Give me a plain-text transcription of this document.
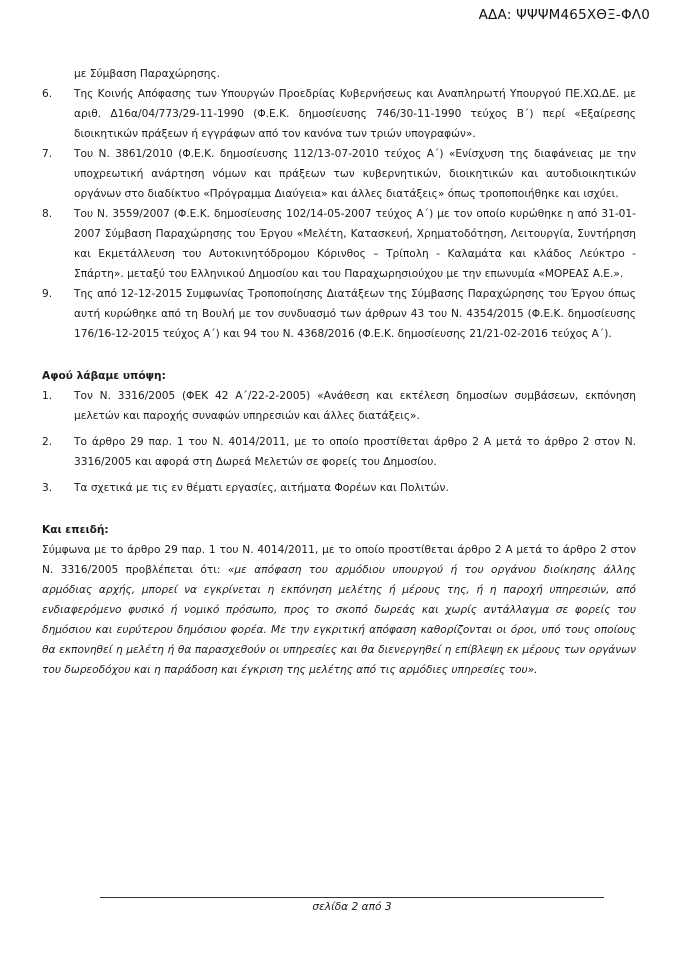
ΑΔΑ: ΨΨΨΜ465ΧΘΞ-ΦΛ0
με Σύμβαση Παραχώρησης.
6.	Της Κοινής Απόφασης των Υπουργών Προεδρίας Κυβερνήσεως και Αναπληρωτή Υπουργού ΠΕ.ΧΩ.ΔΕ. με αριθ. Δ16α/04/773/29-11-1990 (Φ.Ε.Κ. δημοσίευσης 746/30-11-1990 τεύχος Β΄) περί «Εξαίρεσης διοικητικών πράξεων ή εγγράφων από τον κανόνα των τριών υπογραφών».
7.	Του Ν. 3861/2010 (Φ.Ε.Κ. δημοσίευσης 112/13-07-2010 τεύχος Α΄) «Ενίσχυση της διαφάνειας με την υποχρεωτική ανάρτηση νόμων και πράξεων των κυβερνητικών, διοικητικών και αυτοδιοικητικών οργάνων στο διαδίκτυο «Πρόγραμμα Διαύγεια» και άλλες διατάξεις» όπως τροποποιήθηκε και ισχύει.
8.	Του Ν. 3559/2007 (Φ.Ε.Κ. δημοσίευσης 102/14-05-2007 τεύχος Α΄) με τον οποίο κυρώθηκε η από 31-01-2007 Σύμβαση Παραχώρησης του Έργου «Μελέτη, Κατασκευή, Χρηματοδότηση, Λειτουργία, Συντήρηση και Εκμετάλλευση του Αυτοκινητόδρομου Κόρινθος – Τρίπολη - Καλαμάτα και κλάδος Λεύκτρο - Σπάρτη». μεταξύ του Ελληνικού Δημοσίου και του Παραχωρησιούχου με την επωνυμία «ΜΟΡΕΑΣ Α.Ε.».
9.	Της από 12-12-2015 Συμφωνίας Τροποποίησης Διατάξεων της Σύμβασης Παραχώρησης του Έργου όπως αυτή κυρώθηκε από τη Βουλή με τον συνδυασμό των άρθρων 43 του Ν. 4354/2015 (Φ.Ε.Κ. δημοσίευσης 176/16-12-2015 τεύχος Α΄) και 94 του Ν. 4368/2016 (Φ.Ε.Κ. δημοσίευσης 21/21-02-2016 τεύχος Α΄).
Αφού λάβαμε υπόψη:
1.	Τον Ν. 3316/2005 (ΦΕΚ 42 Α΄/22-2-2005) «Ανάθεση και εκτέλεση δημοσίων συμβάσεων, εκπόνηση μελετών και παροχής συναφών υπηρεσιών και άλλες διατάξεις».
2.	Το άρθρο 29 παρ. 1 του Ν. 4014/2011, με το οποίο προστίθεται άρθρο 2 Α μετά το άρθρο 2 στον Ν. 3316/2005 και αφορά στη Δωρεά Μελετών σε φορείς του Δημοσίου.
3.	Τα σχετικά με τις εν θέματι εργασίες, αιτήματα Φορέων και Πολιτών.
Και επειδή:
Σύμφωνα με το άρθρο 29 παρ. 1 του Ν. 4014/2011, με το οποίο προστίθεται άρθρο 2 Α μετά το άρθρο 2 στον Ν. 3316/2005 προβλέπεται ότι: «με απόφαση του αρμόδιου υπουργού ή του οργάνου διοίκησης άλλης αρμόδιας αρχής, μπορεί να εγκρίνεται η εκπόνηση μελέτης ή μέρους της, ή η παροχή υπηρεσιών, από ενδιαφερόμενο φυσικό ή νομικό πρόσωπο, προς το σκοπό δωρεάς και χωρίς αντάλλαγμα σε φορείς του δημόσιου και ευρύτερου δημόσιου φορέα. Με την εγκριτική απόφαση καθορίζονται οι όροι, υπό τους οποίους θα εκπονηθεί η μελέτη ή θα παρασχεθούν οι υπηρεσίες και θα διενεργηθεί η επίβλεψη εκ μέρους των οργάνων του δωρεοδόχου και η παράδοση και έγκριση της μελέτης από τις αρμόδιες υπηρεσίες του».
σελίδα 2 από 3
